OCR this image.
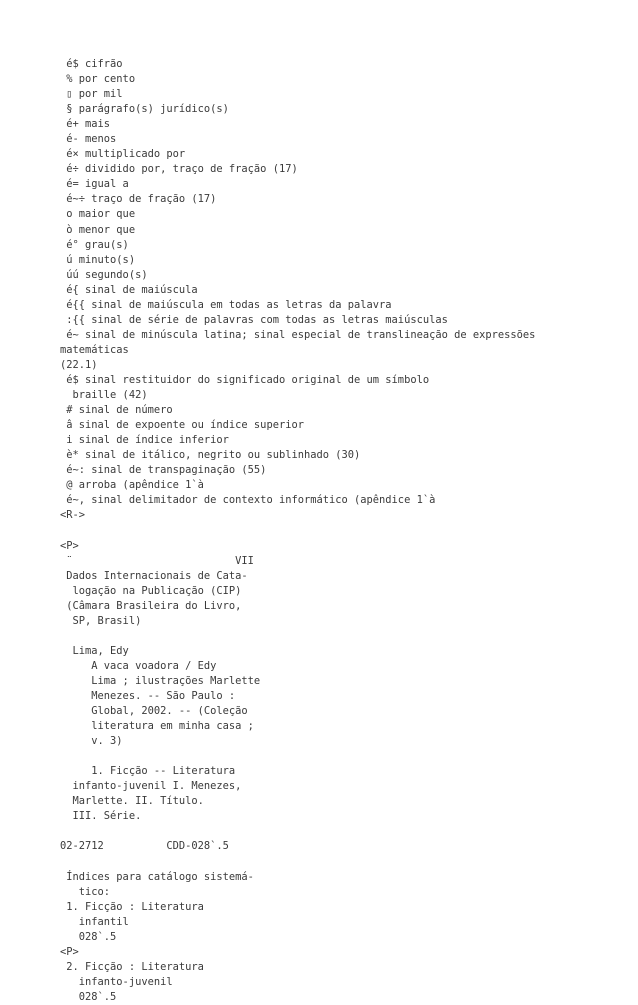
é$ cifrão
% por cento
▯ por mil
§ parágrafo(s) jurídico(s)
é+ mais
é- menos
é× multiplicado por
é÷ dividido por, traço de fração (17)
é= igual a
é~÷ traço de fração (17)
o maior que
ò menor que
é° grau(s)
ú minuto(s)
úú segundo(s)
é{ sinal de maiúscula
é{{ sinal de maiúscula em todas as letras da palavra
:{{ sinal de série de palavras com todas as letras maiúsculas
é~ sinal de minúscula latina; sinal especial de translineação de expressões
matemáticas
(22.1)
é$ sinal restituidor do significado original de um símbolo
braille (42)
# sinal de número
â sinal de expoente ou índice superior
i sinal de índice inferior
è* sinal de itálico, negrito ou sublinhado (30)
é~: sinal de transpaginação (55)
@ arroba (apêndice 1`à
é~, sinal delimitador de contexto informático (apêndice 1`à
<R->
<P>
¨                          VII
Dados Internacionais de Cata-
logação na Publicação (CIP)
(Câmara Brasileira do Livro,
SP, Brasil)
Lima, Edy
A vaca voadora / Edy
Lima ; ilustrações Marlette
Menezes. -- São Paulo :
Global, 2002. -- (Coleção
literatura em minha casa ;
v. 3)
1. Ficção -- Literatura
infanto-juvenil I. Menezes,
Marlette. II. Título.
III. Série.
02-2712          CDD-028`.5
Índices para catálogo sistemá-
tico:
1. Ficção : Literatura
infantil
028`.5
<P>
2. Ficção : Literatura
infanto-juvenil
028`.5
